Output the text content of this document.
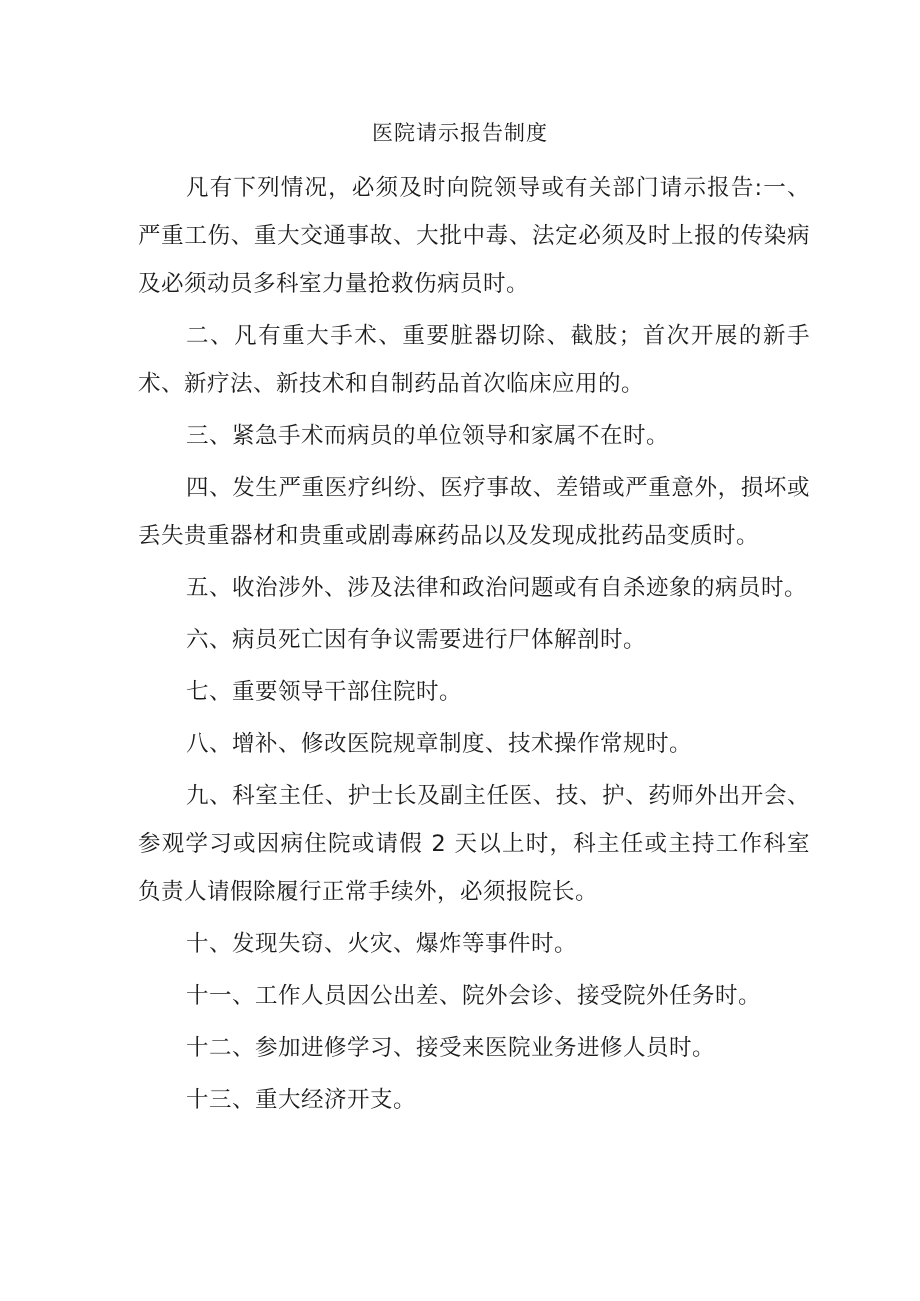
医院请示报告制度

凡有下列情况，必须及时向院领导或有关部门请示报告:一、严重工伤、重大交通事故、大批中毒、法定必须及时上报的传染病及必须动员多科室力量抢救伤病员时。

二、凡有重大手术、重要脏器切除、截肢；首次开展的新手术、新疗法、新技术和自制药品首次临床应用的。

三、紧急手术而病员的单位领导和家属不在时。

四、发生严重医疗纠纷、医疗事故、差错或严重意外，损坏或丢失贵重器材和贵重或剧毒麻药品以及发现成批药品变质时。

五、收治涉外、涉及法律和政治问题或有自杀迹象的病员时。

六、病员死亡因有争议需要进行尸体解剖时。

七、重要领导干部住院时。

八、增补、修改医院规章制度、技术操作常规时。

九、科室主任、护士长及副主任医、技、护、药师外出开会、参观学习或因病住院或请假 2 天以上时，科主任或主持工作科室负责人请假除履行正常手续外，必须报院长。

十、发现失窃、火灾、爆炸等事件时。

十一、工作人员因公出差、院外会诊、接受院外任务时。

十二、参加进修学习、接受来医院业务进修人员时。

十三、重大经济开支。
